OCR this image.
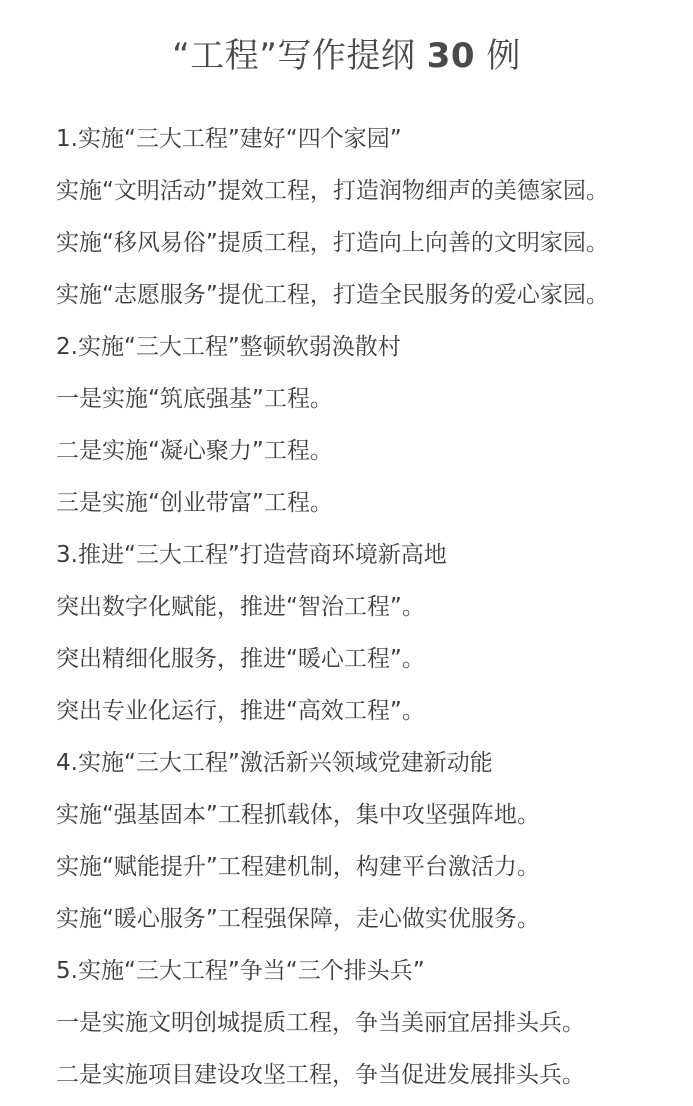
“工程”写作提纲 30 例
1.实施“三大工程”建好“四个家园”
实施“文明活动”提效工程，打造润物细声的美德家园。
实施“移风易俗”提质工程，打造向上向善的文明家园。
实施“志愿服务”提优工程，打造全民服务的爱心家园。
2.实施“三大工程”整顿软弱涣散村
一是实施“筑底强基”工程。
二是实施“凝心聚力”工程。
三是实施“创业带富”工程。
3.推进“三大工程”打造营商环境新高地
突出数字化赋能，推进“智治工程”。
突出精细化服务，推进“暖心工程”。
突出专业化运行，推进“高效工程”。
4.实施“三大工程”激活新兴领域党建新动能
实施“强基固本”工程抓载体，集中攻坚强阵地。
实施“赋能提升”工程建机制，构建平台激活力。
实施“暖心服务”工程强保障，走心做实优服务。
5.实施“三大工程”争当“三个排头兵”
一是实施文明创城提质工程，争当美丽宜居排头兵。
二是实施项目建设攻坚工程，争当促进发展排头兵。
